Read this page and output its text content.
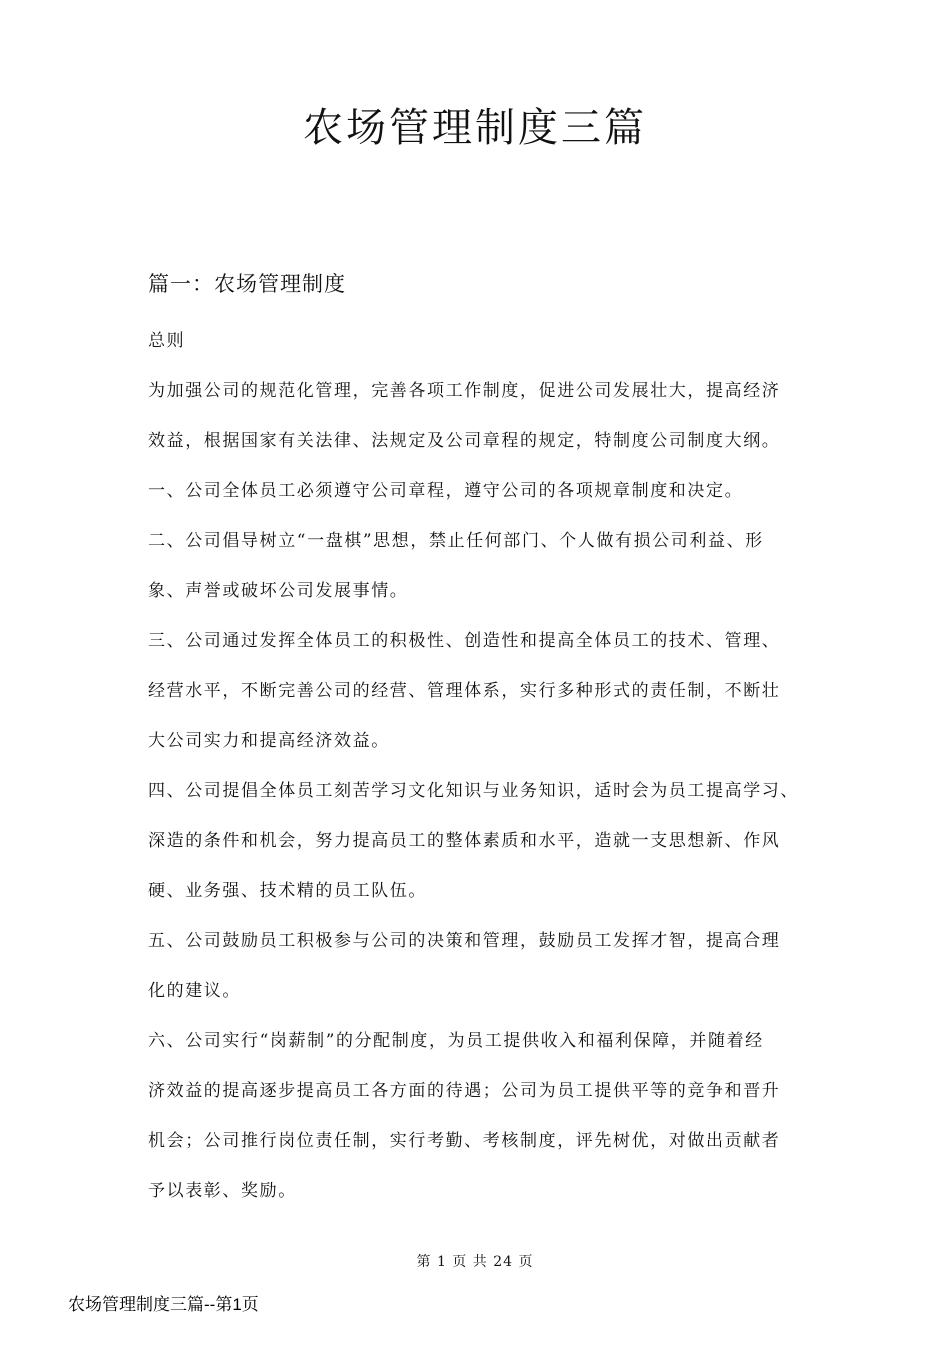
农场管理制度三篇
篇一：农场管理制度
总则
为加强公司的规范化管理，完善各项工作制度，促进公司发展壮大，提高经济
效益，根据国家有关法律、法规定及公司章程的规定，特制度公司制度大纲。
一、公司全体员工必须遵守公司章程，遵守公司的各项规章制度和决定。
二、公司倡导树立“一盘棋”思想，禁止任何部门、个人做有损公司利益、形
象、声誉或破坏公司发展事情。
三、公司通过发挥全体员工的积极性、创造性和提高全体员工的技术、管理、
经营水平，不断完善公司的经营、管理体系，实行多种形式的责任制，不断壮
大公司实力和提高经济效益。
四、公司提倡全体员工刻苦学习文化知识与业务知识，适时会为员工提高学习、
深造的条件和机会，努力提高员工的整体素质和水平，造就一支思想新、作风
硬、业务强、技术精的员工队伍。
五、公司鼓励员工积极参与公司的决策和管理，鼓励员工发挥才智，提高合理
化的建议。
六、公司实行“岗薪制”的分配制度，为员工提供收入和福利保障，并随着经
济效益的提高逐步提高员工各方面的待遇；公司为员工提供平等的竞争和晋升
机会；公司推行岗位责任制，实行考勤、考核制度，评先树优，对做出贡献者
予以表彰、奖励。
第 1 页 共 24 页
农场管理制度三篇--第1页
